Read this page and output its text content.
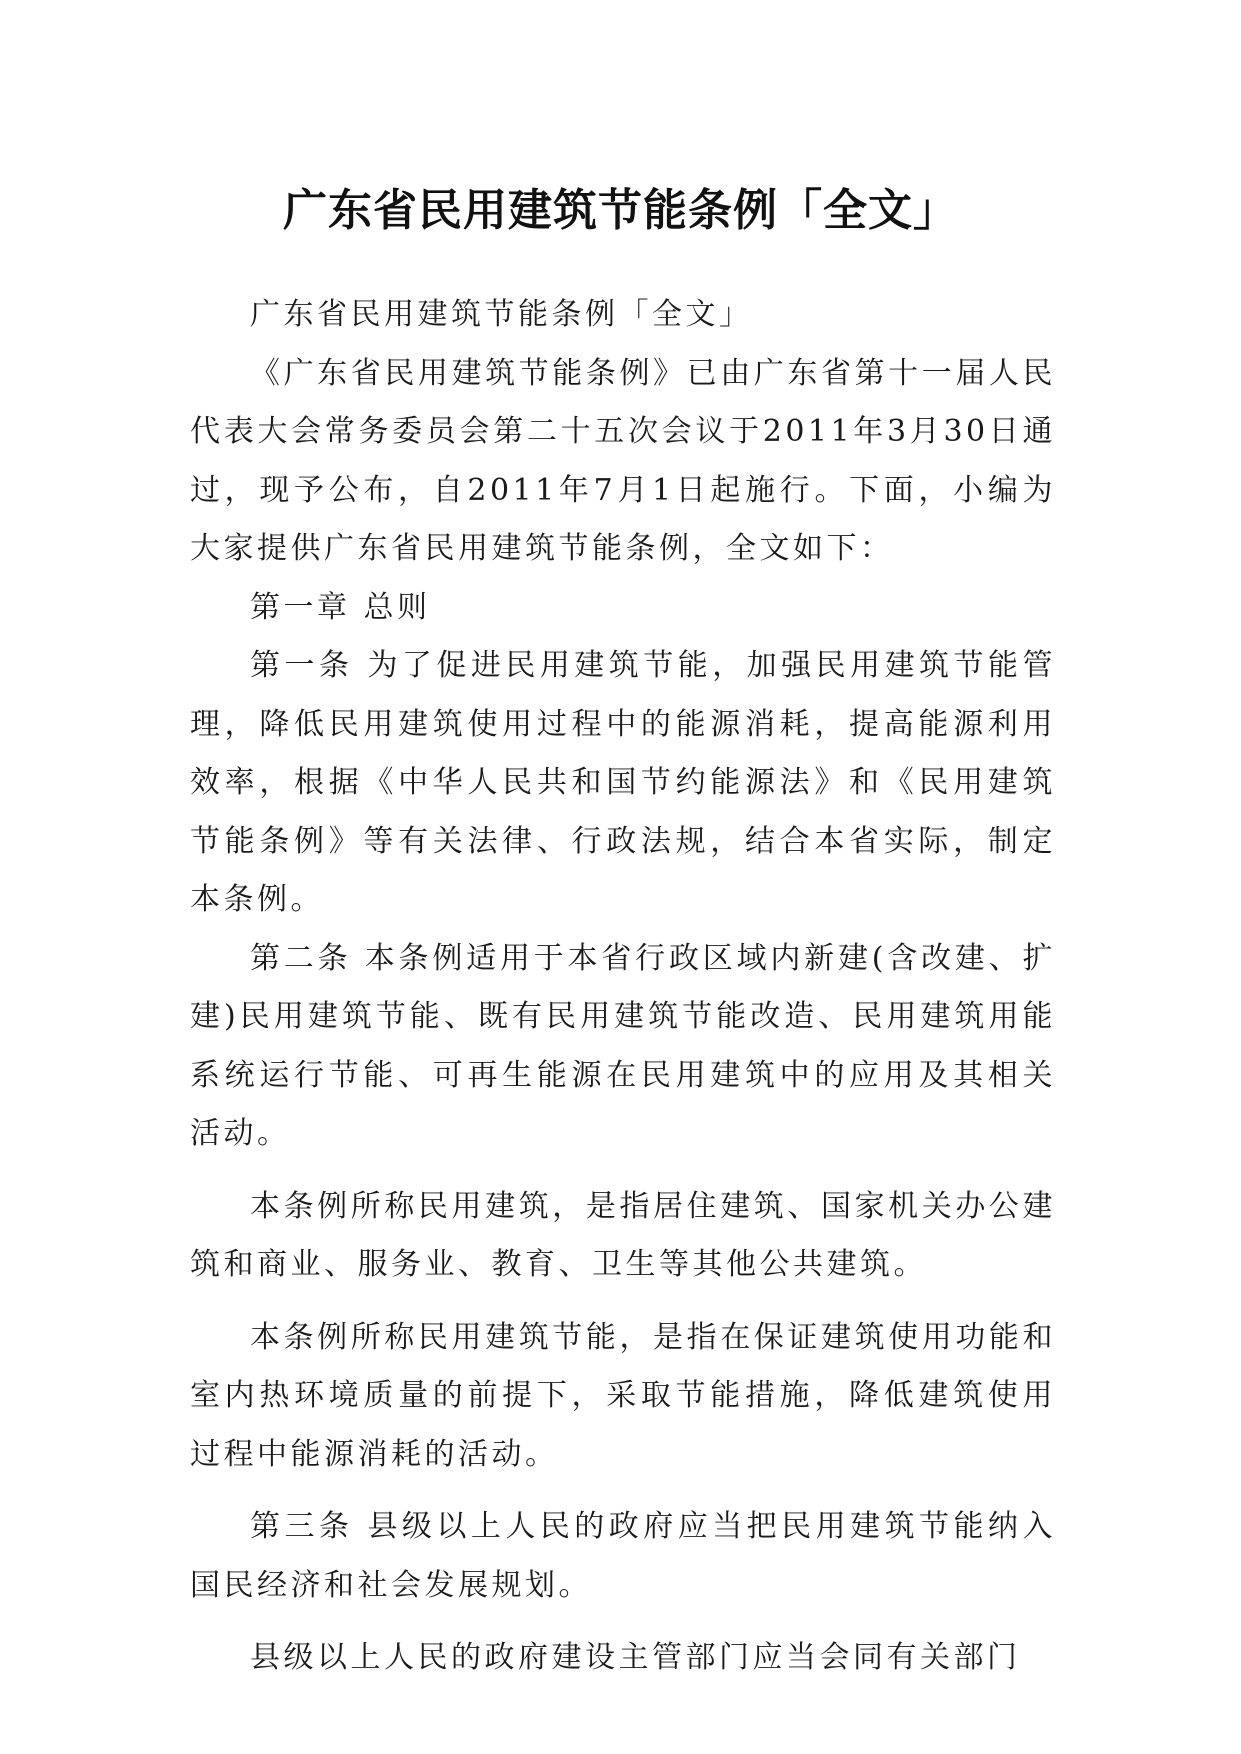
广东省民用建筑节能条例「全文」

广东省民用建筑节能条例「全文」

《广东省民用建筑节能条例》已由广东省第十一届人民代表大会常务委员会第二十五次会议于2011年3月30日通过，现予公布，自2011年7月1日起施行。下面，小编为大家提供广东省民用建筑节能条例，全文如下：

第一章 总则

第一条 为了促进民用建筑节能，加强民用建筑节能管理，降低民用建筑使用过程中的能源消耗，提高能源利用效率，根据《中华人民共和国节约能源法》和《民用建筑节能条例》等有关法律、行政法规，结合本省实际，制定本条例。

第二条 本条例适用于本省行政区域内新建(含改建、扩建)民用建筑节能、既有民用建筑节能改造、民用建筑用能系统运行节能、可再生能源在民用建筑中的应用及其相关活动。

本条例所称民用建筑，是指居住建筑、国家机关办公建筑和商业、服务业、教育、卫生等其他公共建筑。

本条例所称民用建筑节能，是指在保证建筑使用功能和室内热环境质量的前提下，采取节能措施，降低建筑使用过程中能源消耗的活动。

第三条 县级以上人民的政府应当把民用建筑节能纳入国民经济和社会发展规划。

县级以上人民的政府建设主管部门应当会同有关部门
